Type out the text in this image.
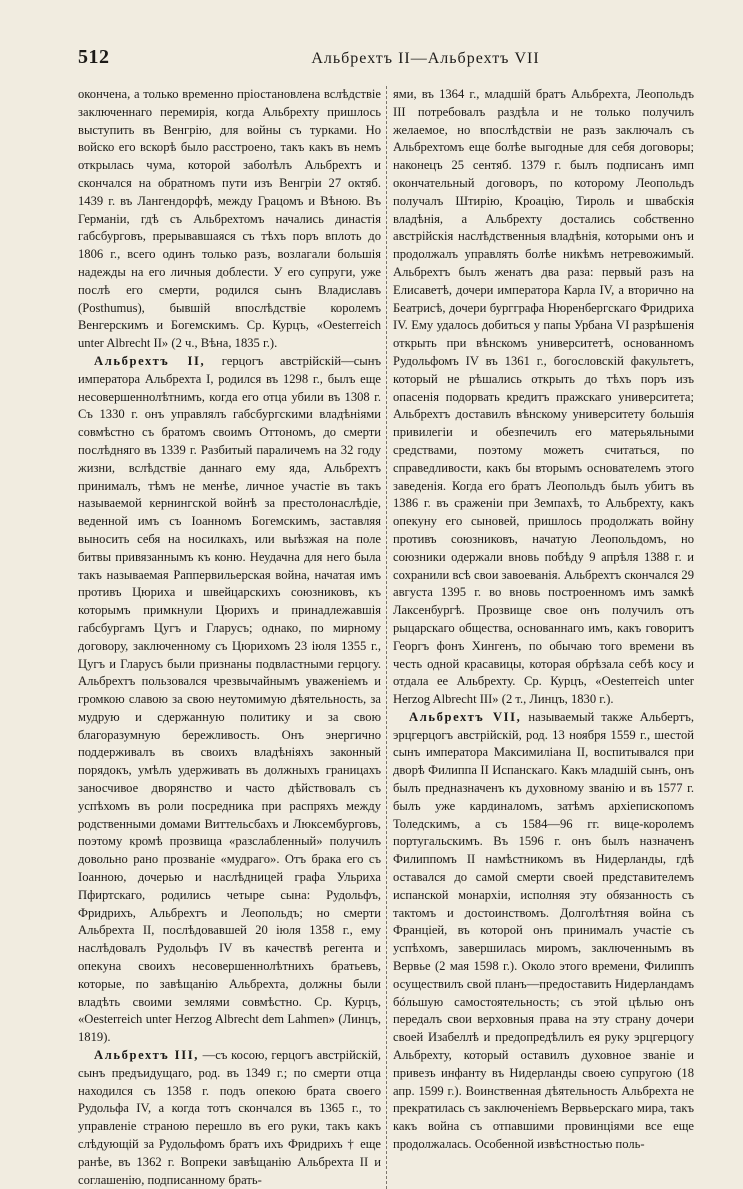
512	Альбрехтъ II—Альбрехтъ VII

окончена, а только временно пріостановлена вслѣдствіе заключеннаго перемирія, когда Альбрехту пришлось выступить въ Венгрію, для войны съ турками. Но войско его вскорѣ было расстроено, такъ какъ въ немъ открылась чума, которой заболѣлъ Альбрехтъ и скончался на обратномъ пути изъ Венгріи 27 октяб. 1439 г. въ Лангендорфѣ, между Грацомъ и Вѣною. Въ Германіи, гдѣ съ Альбрехтомъ начались династія габсбурговъ, прерывавшаяся съ тѣхъ поръ вплоть до 1806 г., всего одинъ только разъ, возлагали большія надежды на его личныя доблести. У его супруги, уже послѣ его смерти, родился сынъ Владиславъ (Posthumus), бывшій впослѣдствіе королемъ Венгерскимъ и Богемскимъ. Ср. Курцъ, «Oesterreich unter Albrecht II» (2 ч., Вѣна, 1835 г.).

Альбрехтъ II, герцогъ австрійскій—сынъ императора Альбрехта I, родился въ 1298 г., былъ еще несовершеннолѣтнимъ, когда его отца убили въ 1308 г. Съ 1330 г. онъ управлялъ габсбургскими владѣніями совмѣстно съ братомъ своимъ Оттономъ, до смерти послѣдняго въ 1339 г. Разбитый параличемъ на 32 году жизни, вслѣдствіе даннаго ему яда, Альбрехтъ принималъ, тѣмъ не менѣе, личное участіе въ такъ называемой кернингской войнѣ за престолонаслѣдіе, веденной имъ съ Іоанномъ Богемскимъ, заставляя выносить себя на носилкахъ, или выѣзжая на поле битвы привязаннымъ къ коню. Неудачна для него была такъ называемая Раппервильерская война, начатая имъ противъ Цюриха и швейцарскихъ союзниковъ, къ которымъ примкнули Цюрихъ и принадлежавшія габсбургамъ Цугъ и Гларусъ; однако, по мирному договору, заключенному съ Цюрихомъ 23 іюля 1355 г., Цугъ и Гларусъ были признаны подвластными герцогу. Альбрехтъ пользовался чрезвычайнымъ уваженіемъ и громкою славою за свою неутомимую дѣятельность, за мудрую и сдержанную политику и за свою благоразумную бережливость. Онъ энергично поддерживалъ въ своихъ владѣніяхъ законный порядокъ, умѣлъ удерживать въ должныхъ границахъ заносчивое дворянство и часто дѣйствовалъ съ успѣхомъ въ роли посредника при распряхъ между родственными домами Виттельсбахъ и Люксембурговъ, поэтому кромѣ прозвища «разслабленный» получилъ довольно рано прозваніе «мудрагo». Отъ брака его съ Іоанною, дочерью и наслѣдницей графа Ульриха Пфиртскаго, родились четыре сына: Рудольфъ, Фридрихъ, Альбрехтъ и Леопольдъ; но смерти Альбрехта II, послѣдовавшей 20 іюля 1358 г., ему наслѣдовалъ Рудольфъ IV въ качествѣ регента и опекуна своихъ несовершеннолѣтнихъ братьевъ, которые, по завѣщанію Альбрехта, должны были владѣть своими землями совмѣстно. Ср. Курцъ, «Oesterreich unter Herzog Albrecht dem Lahmen» (Линцъ, 1819).

Альбрехтъ III, —съ косою, герцогъ австрійскій, сынъ предъидущаго, род. въ 1349 г.; по смерти отца находился съ 1358 г. подъ опекою брата своего Рудольфа IV, а когда тотъ скончался въ 1365 г., то управленіе страною перешло въ его руки, такъ какъ слѣдующій за Рудольфомъ братъ ихъ Фридрихъ † еще ранѣе, въ 1362 г. Вопреки завѣщанію Альбрехта II и соглашенію, подписанному брать-

ями, въ 1364 г., младшій братъ Альбрехта, Леопольдъ III потребовалъ раздѣла и не только получилъ желаемое, но впослѣдствіи не разъ заключалъ съ Альбрехтомъ еще болѣе выгодные для себя договоры; наконецъ 25 сентяб. 1379 г. былъ подписанъ имп окончательный договоръ, по которому Леопольдъ получалъ Штирію, Кроацію, Тироль и швабскія владѣнія, а Альбрехту достались собственно австрійскія наслѣдственныя владѣнія, которыми онъ и продолжалъ управлять болѣе никѣмъ нетревожимый. Альбрехтъ былъ женатъ два раза: первый разъ на Елисаветѣ, дочери императора Карла IV, а вторично на Беатрисѣ, дочери бургграфа Нюренбергскаго Фридриха IV. Ему удалось добиться у папы Урбана VI разрѣшенія открыть при вѣнскомъ университетѣ, основанномъ Рудольфомъ IV въ 1361 г., богословскій факультетъ, который не рѣшались открыть до тѣхъ поръ изъ опасенія подорвать кредитъ пражскаго университета; Альбрехтъ доставилъ вѣнскому университету большія привилегіи и обезпечилъ его матерьяльными средствами, поэтому можетъ считаться, по справедливости, какъ бы вторымъ основателемъ этого заведенія. Когда его братъ Леопольдъ былъ убитъ въ 1386 г. въ сраженіи при Земпахѣ, то Альбрехту, какъ опекуну его сыновей, пришлось продолжать войну противъ союзниковъ, начатую Леопольдомъ, но союзники одержали вновь побѣду 9 апрѣля 1388 г. и сохранили всѣ свои завоеванія. Альбрехтъ скончался 29 августа 1395 г. во вновь построенномъ имъ замкѣ Лаксенбургѣ. Прозвище свое онъ получилъ отъ рыцарскаго общества, основаннаго имъ, какъ говоритъ Георгъ фонъ Хингенъ, по обычаю того времени въ честь одной красавицы, которая обрѣзала себѣ косу и отдала ее Альбрехту. Ср. Курцъ, «Oesterreich unter Herzog Albrecht III» (2 т., Линцъ, 1830 г.).

Альбрехтъ VII, называемый также Альбертъ, эрцгерцогъ австрійскій, род. 13 ноября 1559 г., шестой сынъ императора Максимиліана II, воспитывался при дворѣ Филиппа II Испанскаго. Какъ младшій сынъ, онъ былъ предназначенъ къ духовному званію и въ 1577 г. былъ уже кардиналомъ, затѣмъ архіепископомъ Толедскимъ, а съ 1584—96 гг. вице-королемъ португальскимъ. Въ 1596 г. онъ былъ назначенъ Филиппомъ II намѣстникомъ въ Нидерланды, гдѣ оставался до самой смерти своей представителемъ испанской монархіи, исполняя эту обязанность съ тактомъ и достоинствомъ. Долголѣтняя война съ Франціей, въ которой онъ принималъ участіе съ успѣхомъ, завершилась миромъ, заключеннымъ въ Вервье (2 мая 1598 г.). Около этого времени, Филиппъ осуществилъ свой планъ—предоставить Нидерландамъ бóльшую самостоятельность; съ этой цѣлью онъ передалъ свои верховныя права на эту страну дочери своей Изабеллѣ и предопредѣлилъ ея руку эрцгерцогу Альбрехту, который оставилъ духовное званіе и привезъ инфанту въ Нидерланды своею супругою (18 апр. 1599 г.). Воинственная дѣятельность Альбрехта не прекратилась съ заключеніемъ Вервьерскаго мира, такъ какъ война съ отпавшими провинціями все еще продолжалась. Особенной извѣстностью поль-
